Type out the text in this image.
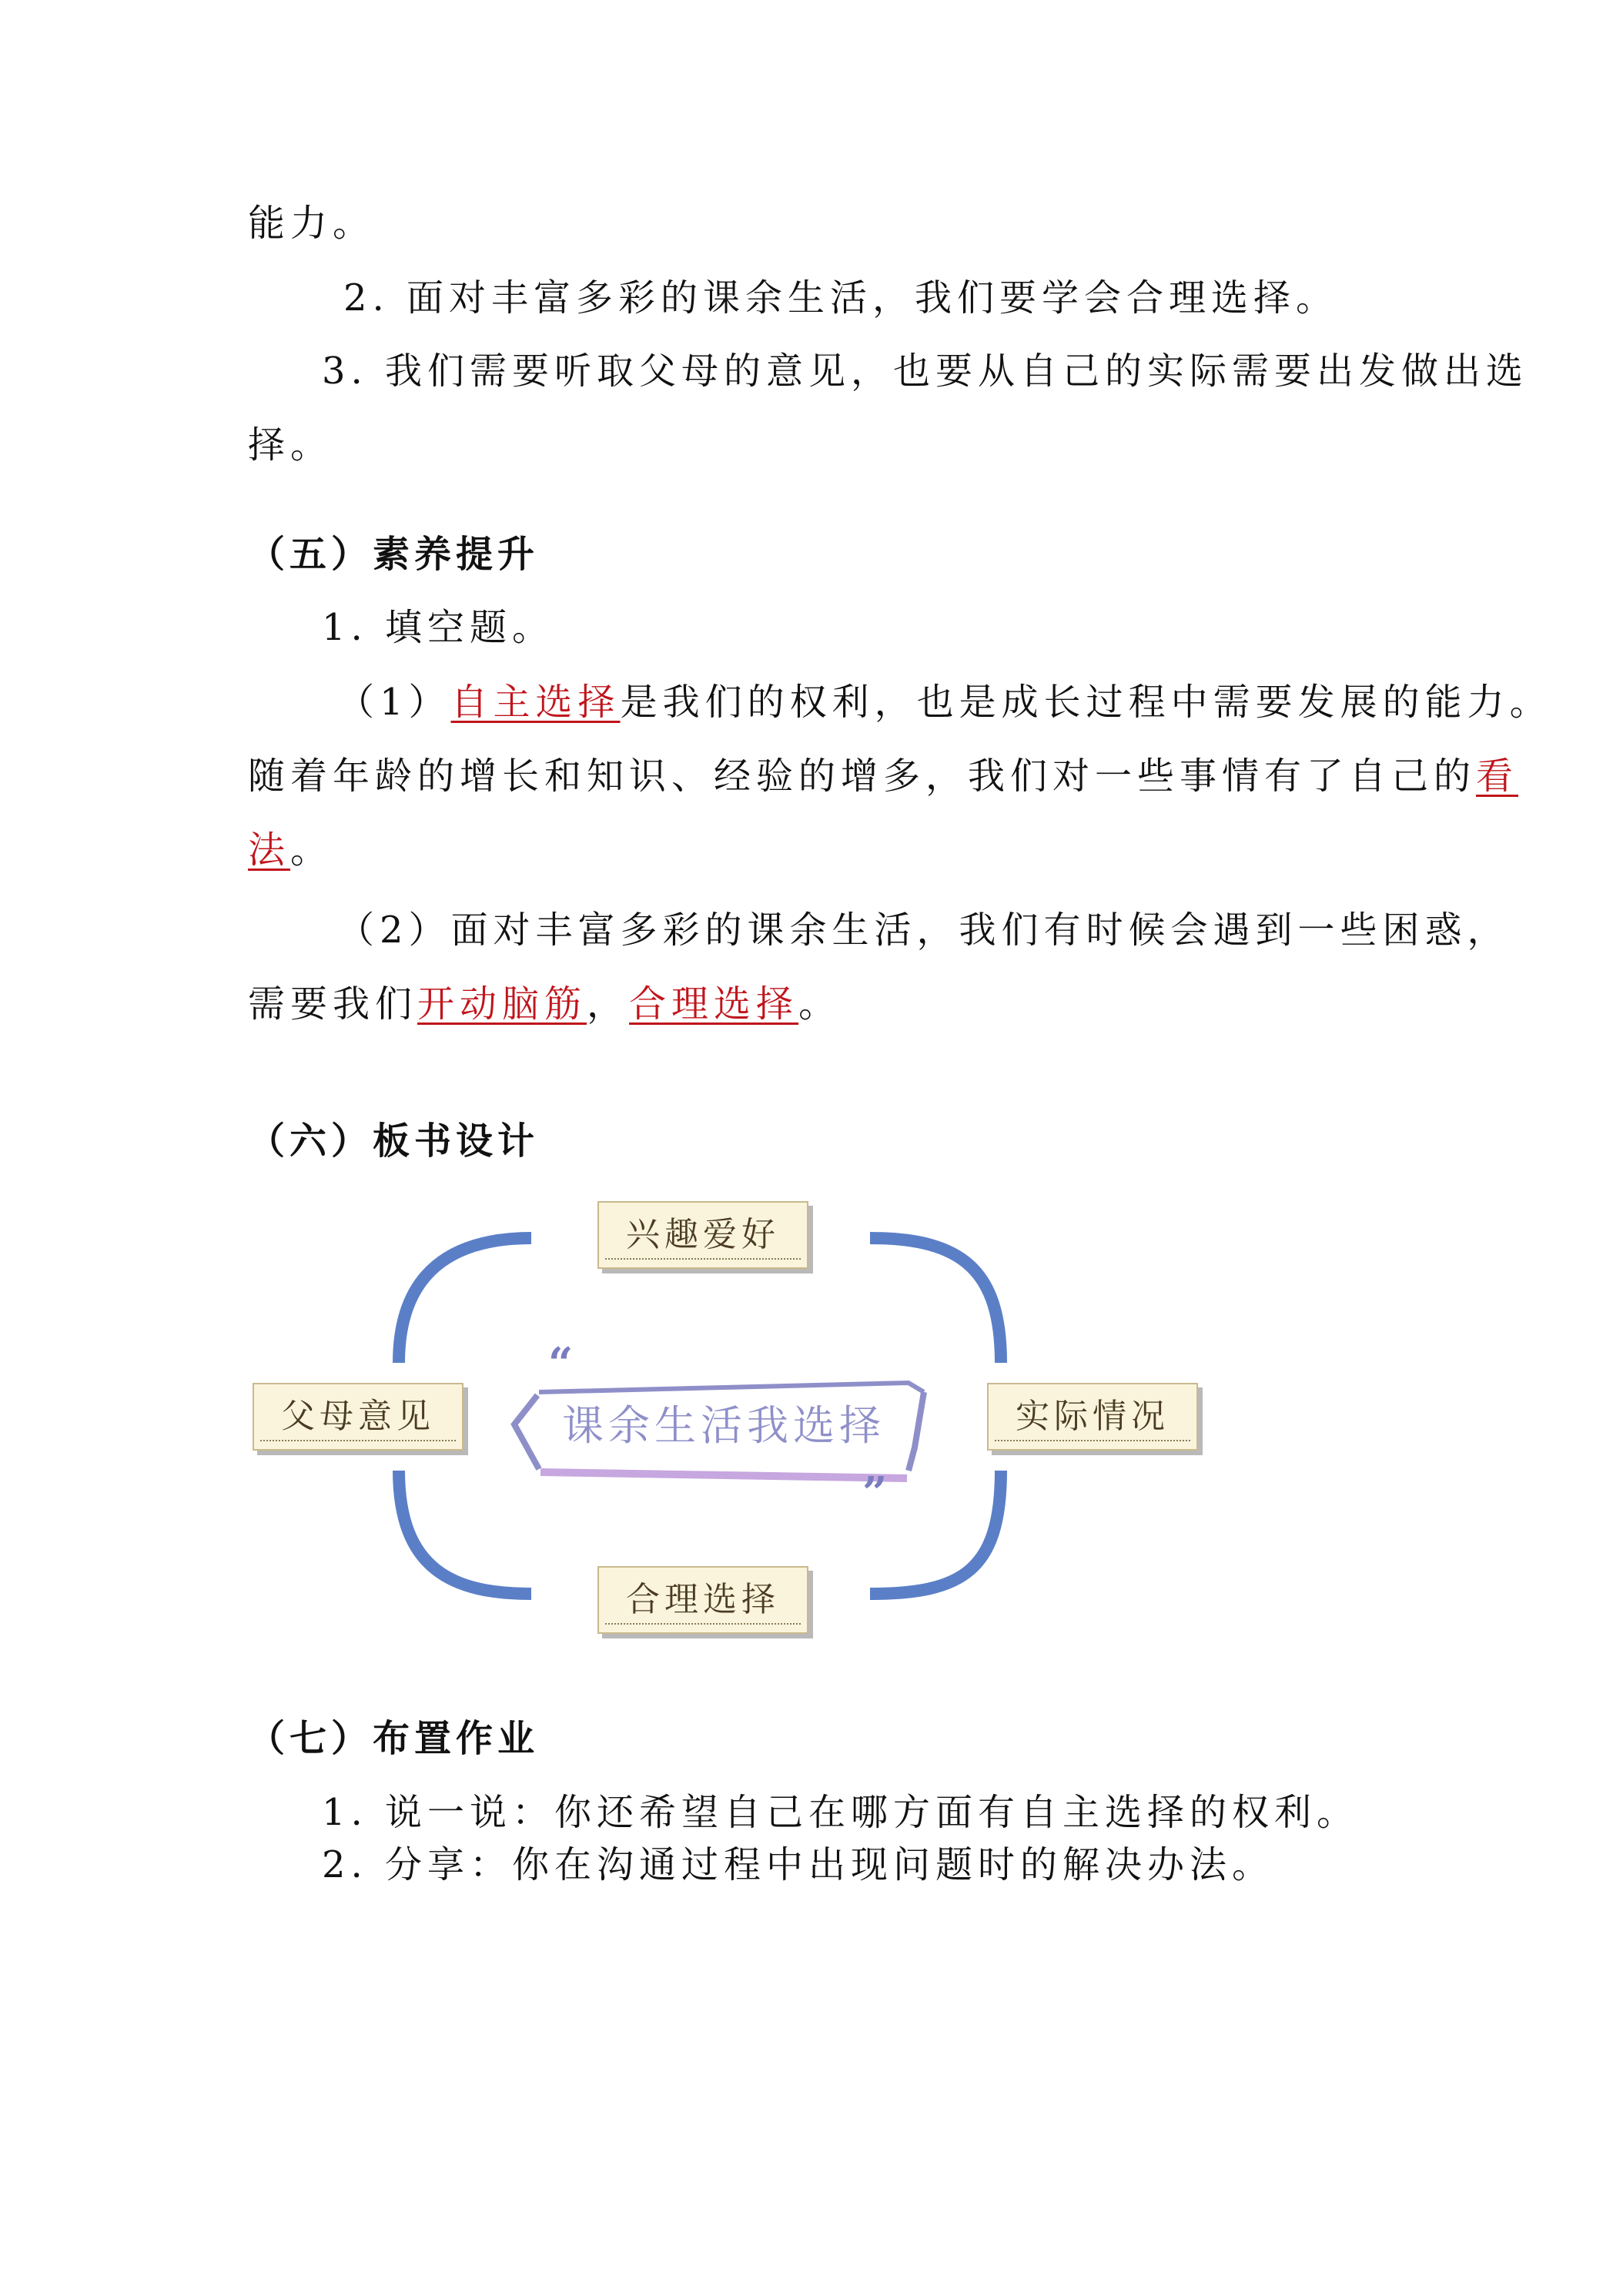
能力。
2. 面对丰富多彩的课余生活，我们要学会合理选择。
3. 我们需要听取父母的意见，也要从自己的实际需要出发做出选
择。
（五）素养提升
1. 填空题。
（1）自主选择是我们的权利，也是成长过程中需要发展的能力。
随着年龄的增长和知识、经验的增多，我们对一些事情有了自己的看
法。
（2）面对丰富多彩的课余生活，我们有时候会遇到一些困惑，
需要我们开动脑筋，合理选择。
（六）板书设计
“
”
课余生活我选择
兴趣爱好
父母意见	实际情况
合理选择
（七）布置作业
1. 说一说：你还希望自己在哪方面有自主选择的权利。
2. 分享：你在沟通过程中出现问题时的解决办法。
